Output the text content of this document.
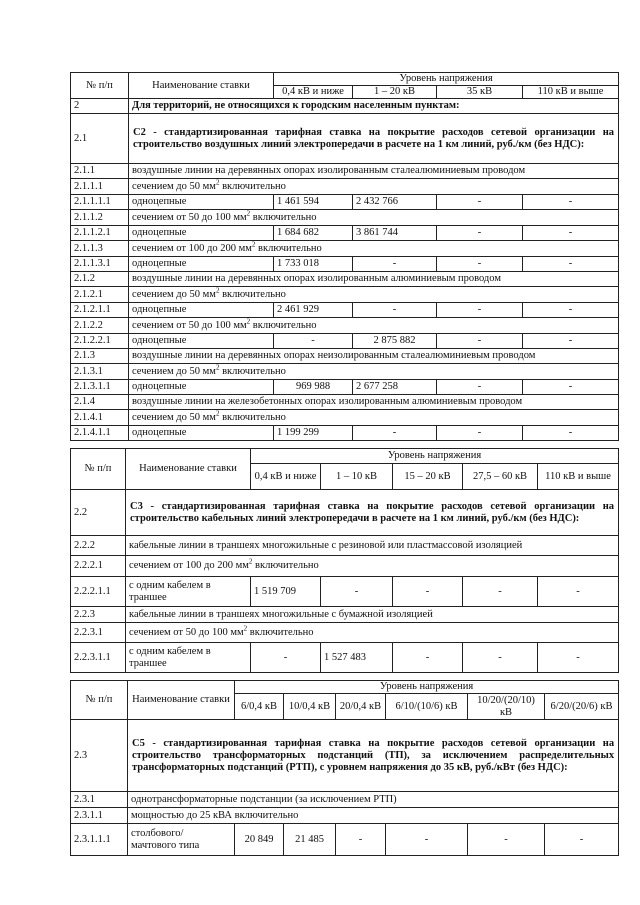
№ п/п	Наименование ставки	Уровень напряжения			
		0,4 кВ и ниже	1 – 20 кВ	35 кВ	110 кВ и выше
2	Для территорий, не относящихся к городским населенным пунктам:				
2.1	С2 - стандартизированная тарифная ставка на покрытие расходов сетевой организации на строительство воздушных линий электропередачи в расчете на 1 км линий, руб./км (без НДС):				
2.1.1	воздушные линии на деревянных опорах изолированным сталеалюминиевым проводом				
2.1.1.1	сечением до 50 $мм^2$ включительно				
2.1.1.1.1	одноцепные	1 461 594	2 432 766	-	-
2.1.1.2	сечением от 50 до 100 $мм^2$ включительно				
2.1.1.2.1	одноцепные	1 684 682	3 861 744	-	-
2.1.1.3	сечением от 100 до 200 $мм^2$ включительно				
2.1.1.3.1	одноцепные	1 733 018	-	-	-
2.1.2	воздушные линии на деревянных опорах изолированным алюминиевым проводом				
2.1.2.1	сечением до 50 $мм^2$ включительно				
2.1.2.1.1	одноцепные	2 461 929	-	-	-
2.1.2.2	сечением от 50 до 100 $мм^2$ включительно				
2.1.2.2.1	одноцепные	-	2 875 882	-	-
2.1.3	воздушные линии на деревянных опорах неизолированным сталеалюминиевым проводом				
2.1.3.1	сечением до 50 $мм^2$ включительно				
2.1.3.1.1	одноцепные	969 988	2 677 258	-	-
2.1.4	воздушные линии на железобетонных опорах изолированным алюминиевым проводом				
2.1.4.1	сечением до 50 $мм^2$ включительно				
2.1.4.1.1	одноцепные	1 199 299	-	-	-
№ п/п	Наименование ставки	Уровень напряжения				
		0,4 кВ и ниже	1 – 10 кВ	15 – 20 кВ	27,5 – 60 кВ	110 кВ и выше
2.2	С3 - стандартизированная тарифная ставка на покрытие расходов сетевой организации на строительство кабельных линий электропередачи в расчете на 1 км линий, руб./км (без НДС):					
2.2.2	кабельные линии в траншеях многожильные с резиновой или пластмассовой изоляцией					
2.2.2.1	сечением от 100 до 200 $мм^2$ включительно					
2.2.2.1.1	с одним кабелем в траншее	1 519 709	-	-	-	-
2.2.3	кабельные линии в траншеях многожильные с бумажной изоляцией					
2.2.3.1	сечением от 50 до 100 $мм^2$ включительно					
2.2.3.1.1	с одним кабелем в траншее	-	1 527 483	-	-	-
№ п/п	Наименование ставки	Уровень напряжения					
		6/0,4 кВ	10/0,4 кВ	20/0,4 кВ	6/10/(10/6) кВ	10/20/(20/10) кВ	6/20/(20/6) кВ
2.3	С5 - стандартизированная тарифная ставка на покрытие расходов сетевой организации на строительство трансформаторных подстанций (ТП), за исключением распределительных трансформаторных подстанций (РТП), с уровнем напряжения до 35 кВ, руб./кВт (без НДС):						
2.3.1	однотрансформаторные подстанции (за исключением РТП)						
2.3.1.1	мощностью до 25 кВА включительно						
2.3.1.1.1	столбового/ мачтового типа	20 849	21 485	-	-	-	-
